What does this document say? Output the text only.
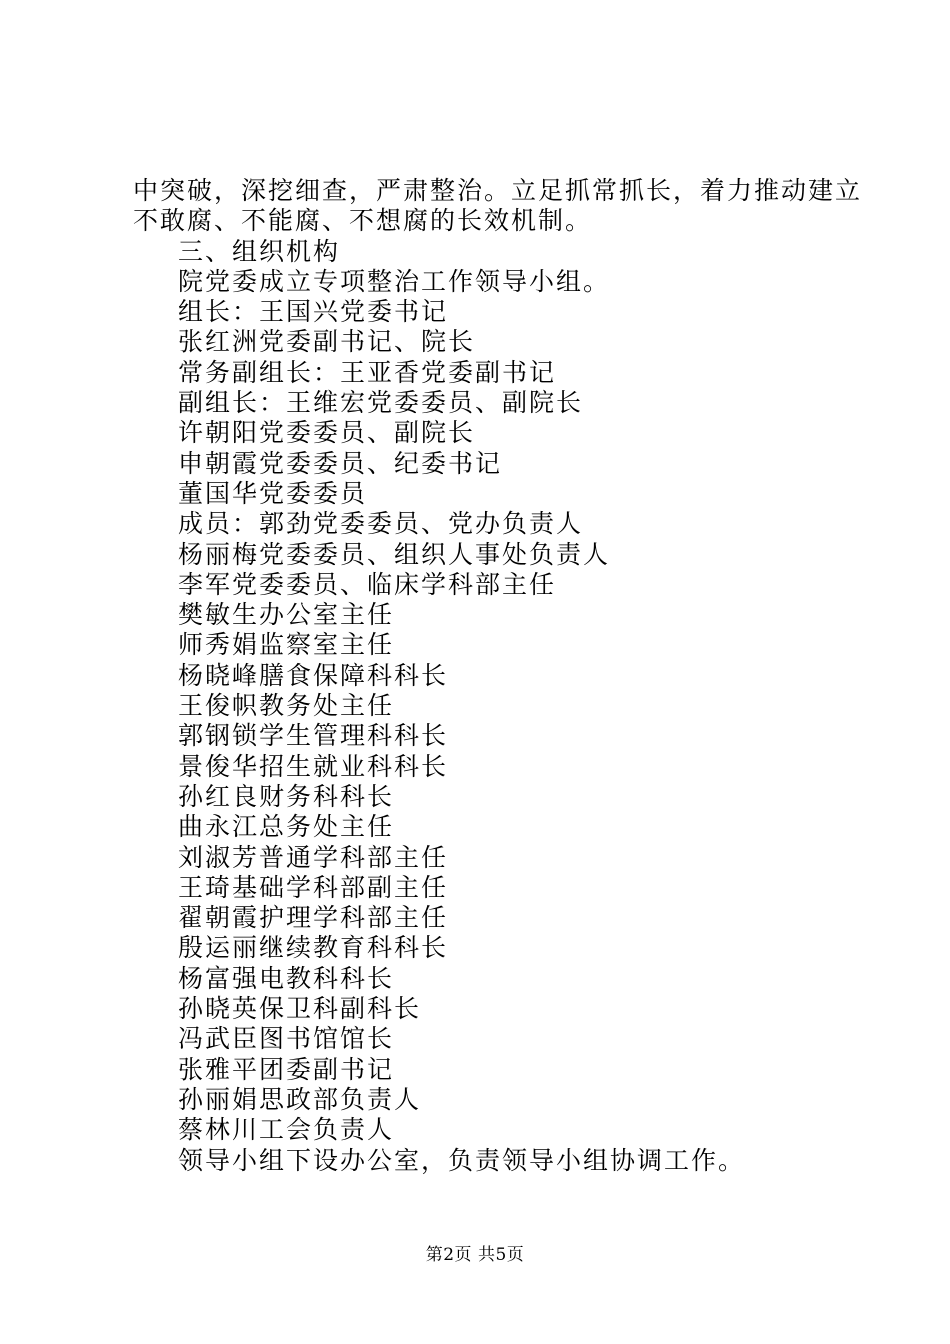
中突破，深挖细查，严肃整治。立足抓常抓长，着力推动建立
不敢腐、不能腐、不想腐的长效机制。
三、组织机构
院党委成立专项整治工作领导小组。
组长：王国兴党委书记
张红洲党委副书记、院长
常务副组长：王亚香党委副书记
副组长：王维宏党委委员、副院长
许朝阳党委委员、副院长
申朝霞党委委员、纪委书记
董国华党委委员
成员：郭劲党委委员、党办负责人
杨丽梅党委委员、组织人事处负责人
李军党委委员、临床学科部主任
樊敏生办公室主任
师秀娟监察室主任
杨晓峰膳食保障科科长
王俊帜教务处主任
郭钢锁学生管理科科长
景俊华招生就业科科长
孙红良财务科科长
曲永江总务处主任
刘淑芳普通学科部主任
王琦基础学科部副主任
翟朝霞护理学科部主任
殷运丽继续教育科科长
杨富强电教科科长
孙晓英保卫科副科长
冯武臣图书馆馆长
张雅平团委副书记
孙丽娟思政部负责人
蔡林川工会负责人
领导小组下设办公室，负责领导小组协调工作。
第2页 共5页
